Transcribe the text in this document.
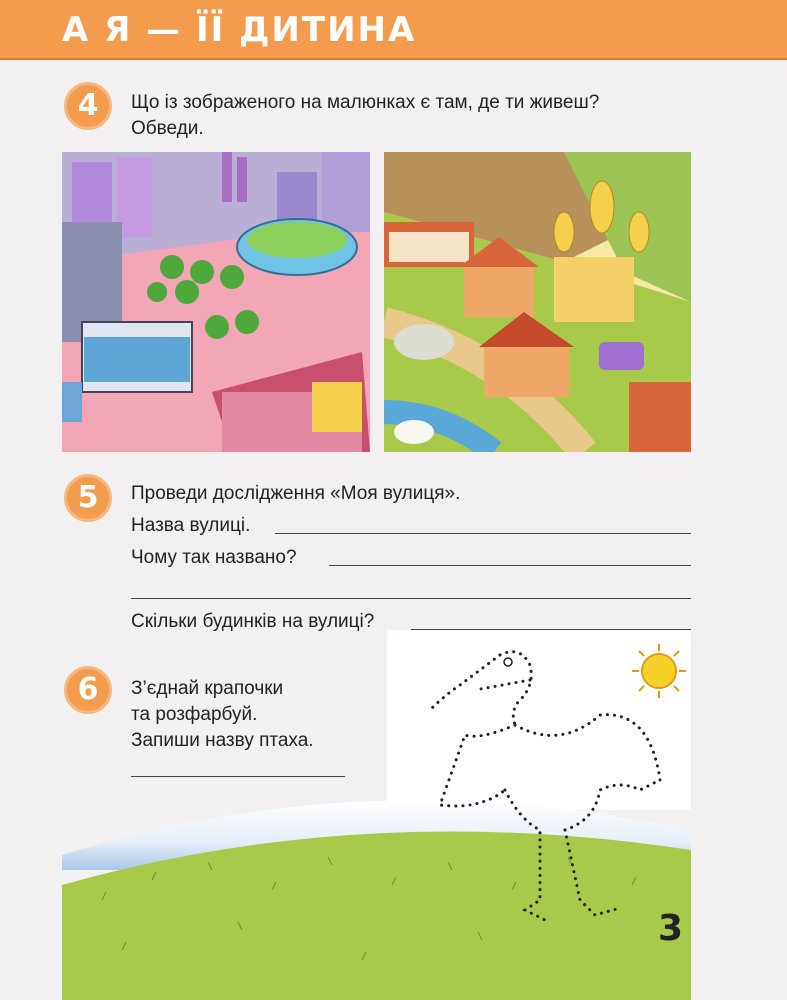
А Я — ЇЇ ДИТИНА
4	Що із зображеного на малюнках є там, де ти живеш?
Обведи.
5	Проведи дослідження «Моя вулиця».
Назва вулиці.
Чому так названо?
Скільки будинків на вулиці?
6	З’єднай крапочки
та розфарбуй.
Запиши назву птаха.
3
